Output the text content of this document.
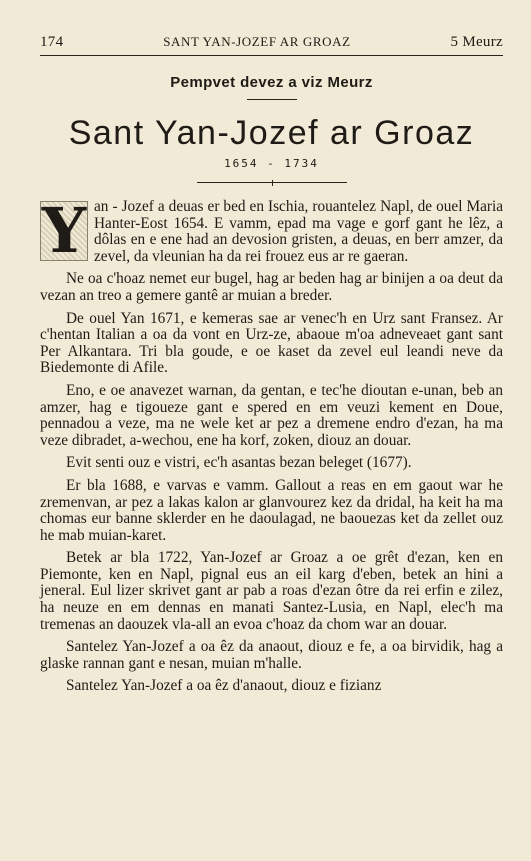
174	SANT YAN-JOZEF AR GROAZ	5 Meurz
Pempvet devez a viz Meurz
Sant Yan-Jozef ar Groaz
1654 - 1734

Y an - Jozef a deuas er bed en Ischia, rouantelez Napl, de ouel Maria Hanter-Eost 1654. E vamm, epad ma vage e gorf gant he lêz, a dôlas en e ene had an devosion gristen, a deuas, en berr amzer, da zevel, da vleunian ha da rei frouez eus ar re gaeran.

Ne oa c'hoaz nemet eur bugel, hag ar beden hag ar binijen a oa deut da vezan an treo a gemere gantê ar muian a breder.

De ouel Yan 1671, e kemeras sae ar venec'h en Urz sant Fransez. Ar c'hentan Italian a oa da vont en Urz-ze, abaoue m'oa adneveaet gant sant Per Alkantara. Tri bla goude, e oe kaset da zevel eul leandi neve da Biedemonte di Afile.

Eno, e oe anavezet warnan, da gentan, e tec'he dioutan e-unan, beb an amzer, hag e tigoueze gant e spered en em veuzi kement en Doue, pennadou a veze, ma ne wele ket ar pez a dremene endro d'ezan, ha ma veze dibradet, a-wechou, ene ha korf, zoken, diouz an douar.

Evit senti ouz e vistri, ec'h asantas bezan beleget (1677).

Er bla 1688, e varvas e vamm. Gallout a reas en em gaout war he zremenvan, ar pez a lakas kalon ar glanvourez kez da dridal, ha keit ha ma chomas eur banne sklerder en he daoulagad, ne baouezas ket da zellet ouz he mab muian-karet.

Betek ar bla 1722, Yan-Jozef ar Groaz a oe grêt d'ezan, ken en Piemonte, ken en Napl, pignal eus an eil karg d'eben, betek an hini a jeneral. Eul lizer skrivet gant ar pab a roas d'ezan ôtre da rei erfin e zilez, ha neuze en em dennas en manati Santez-Lusia, en Napl, elec'h ma tremenas an daouzek vla-all an evoa c'hoaz da chom war an douar.

Santelez Yan-Jozef a oa êz da anaout, diouz e fe, a oa birvidik, hag a glaske rannan gant e nesan, muian m'halle.

Santelez Yan-Jozef a oa êz d'anaout, diouz e fizianz
